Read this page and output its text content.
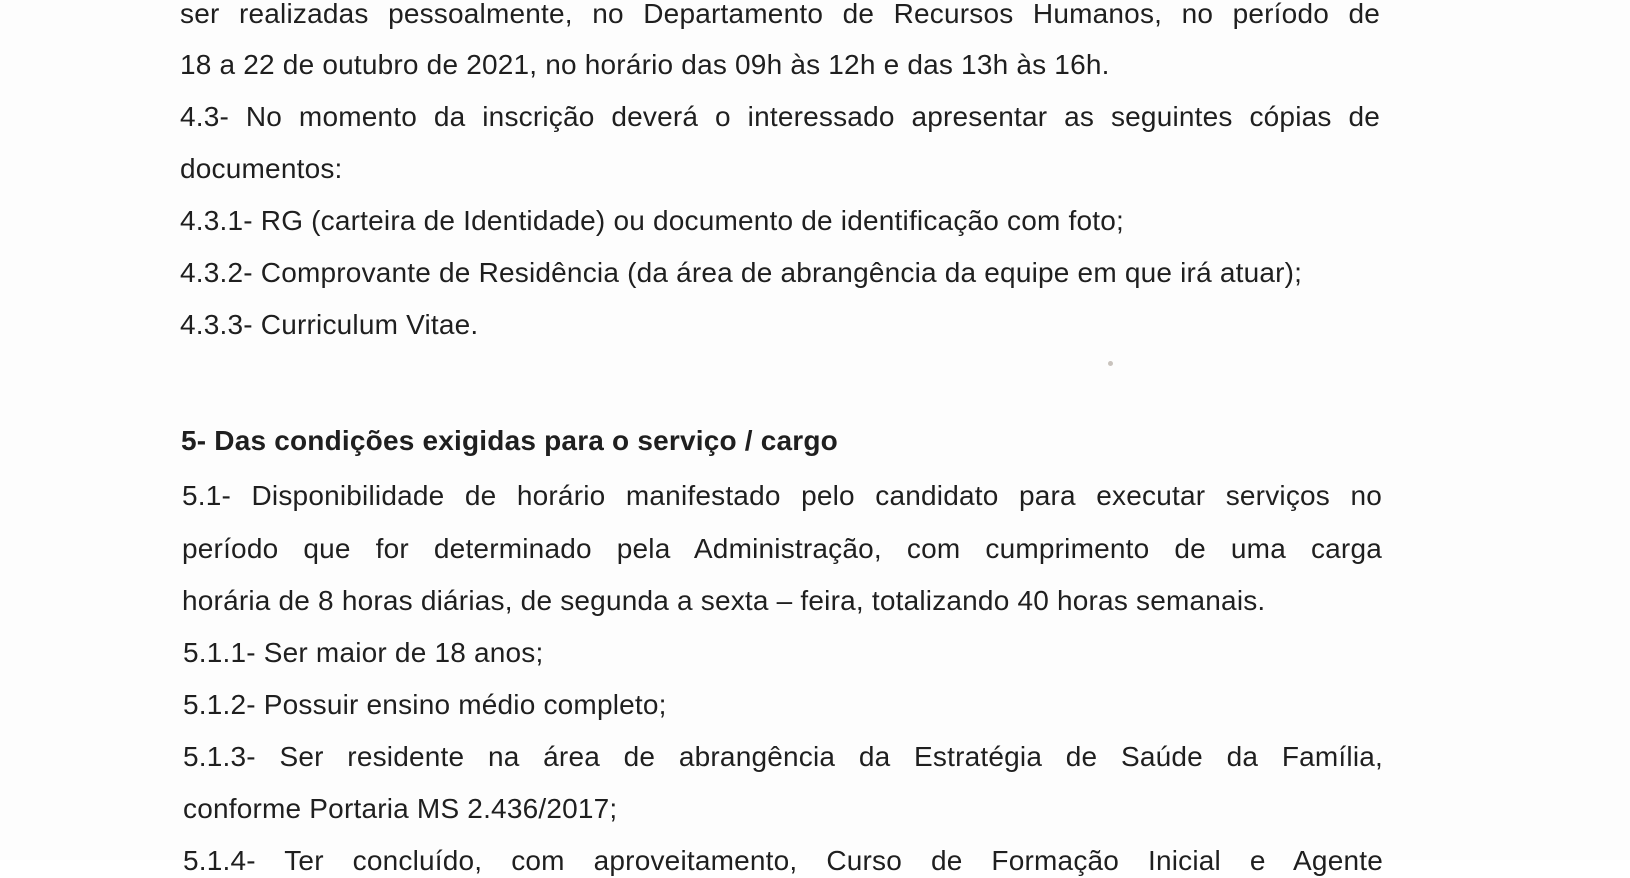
ser realizadas pessoalmente, no Departamento de Recursos Humanos, no período de
18 a 22 de outubro de 2021, no horário das 09h às 12h e das 13h às 16h.
4.3- No momento da inscrição deverá o interessado apresentar as seguintes cópias de
documentos:
4.3.1- RG (carteira de Identidade) ou documento de identificação com foto;
4.3.2- Comprovante de Residência (da área de abrangência da equipe em que irá atuar);
4.3.3- Curriculum Vitae.
5- Das condições exigidas para o serviço / cargo
5.1- Disponibilidade de horário manifestado pelo candidato para executar serviços no
período que for determinado pela Administração, com cumprimento de uma carga
horária de 8 horas diárias, de segunda a sexta – feira, totalizando 40 horas semanais.
5.1.1- Ser maior de 18 anos;
5.1.2- Possuir ensino médio completo;
5.1.3- Ser residente na área de abrangência da Estratégia de Saúde da Família,
conforme Portaria MS 2.436/2017;
5.1.4- Ter concluído, com aproveitamento, Curso de Formação Inicial e Agente
